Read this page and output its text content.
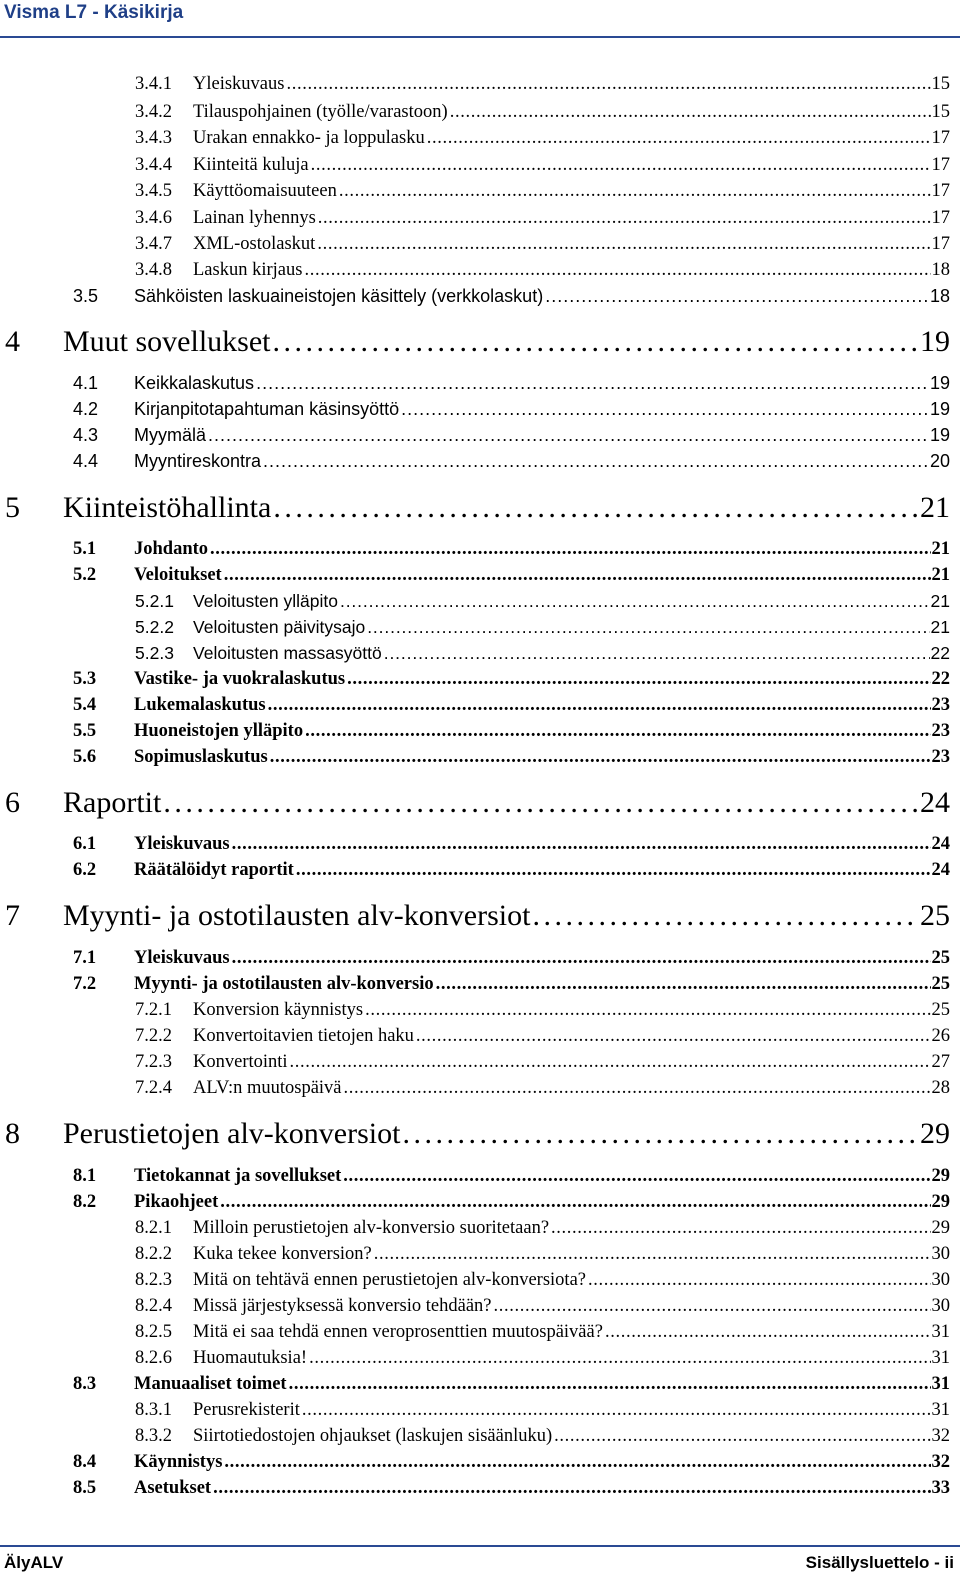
Visma L7 - Käsikirja
3.4.1	Yleiskuvaus . . .	15
3.4.2	Tilauspohjainen (työlle/varastoon) . . .	15
3.4.3	Urakan ennakko- ja loppulasku . . .	17
3.4.4	Kiinteitä kuluja . . .	17
3.4.5	Käyttöomaisuuteen . . .	17
3.4.6	Lainan lyhennys . . .	17
3.4.7	XML-ostolaskut . . .	17
3.4.8	Laskun kirjaus . . .	18
3.5	Sähköisten laskuaineistojen käsittely (verkkolaskut) . . .	18
4	Muut sovellukset . . .	19
4.1	Keikkalaskutus . . .	19
4.2	Kirjanpitotapahtuman käsinsyöttö . . .	19
4.3	Myymälä . . .	19
4.4	Myyntireskontra . . .	20
5	Kiinteistöhallinta . . .	21
5.1	Johdanto . . .	21
5.2	Veloitukset . . .	21
5.2.1	Veloitusten ylläpito . . .	21
5.2.2	Veloitusten päivitysajo . . .	21
5.2.3	Veloitusten massasyöttö . . .	22
5.3	Vastike- ja vuokralaskutus . . .	22
5.4	Lukemalaskutus . . .	23
5.5	Huoneistojen ylläpito . . .	23
5.6	Sopimuslaskutus . . .	23
6	Raportit . . .	24
6.1	Yleiskuvaus . . .	24
6.2	Räätälöidyt raportit . . .	24
7	Myynti- ja ostotilausten alv-konversiot . . .	25
7.1	Yleiskuvaus . . .	25
7.2	Myynti- ja ostotilausten alv-konversio . . .	25
7.2.1	Konversion käynnistys . . .	25
7.2.2	Konvertoitavien tietojen haku . . .	26
7.2.3	Konvertointi . . .	27
7.2.4	ALV:n muutospäivä . . .	28
8	Perustietojen alv-konversiot . . .	29
8.1	Tietokannat ja sovellukset . . .	29
8.2	Pikaohjeet . . .	29
8.2.1	Milloin perustietojen alv-konversio suoritetaan? . . .	29
8.2.2	Kuka tekee konversion? . . .	30
8.2.3	Mitä on tehtävä ennen perustietojen alv-konversiota? . . .	30
8.2.4	Missä järjestyksessä konversio tehdään? . . .	30
8.2.5	Mitä ei saa tehdä ennen veroprosenttien muutospäivää? . . .	31
8.2.6	Huomautuksia! . . .	31
8.3	Manuaaliset toimet . . .	31
8.3.1	Perusrekisterit . . .	31
8.3.2	Siirtotiedostojen ohjaukset (laskujen sisäänluku) . . .	32
8.4	Käynnistys . . .	32
8.5	Asetukset . . .	33
ÄlyALV	Sisällysluettelo - ii
